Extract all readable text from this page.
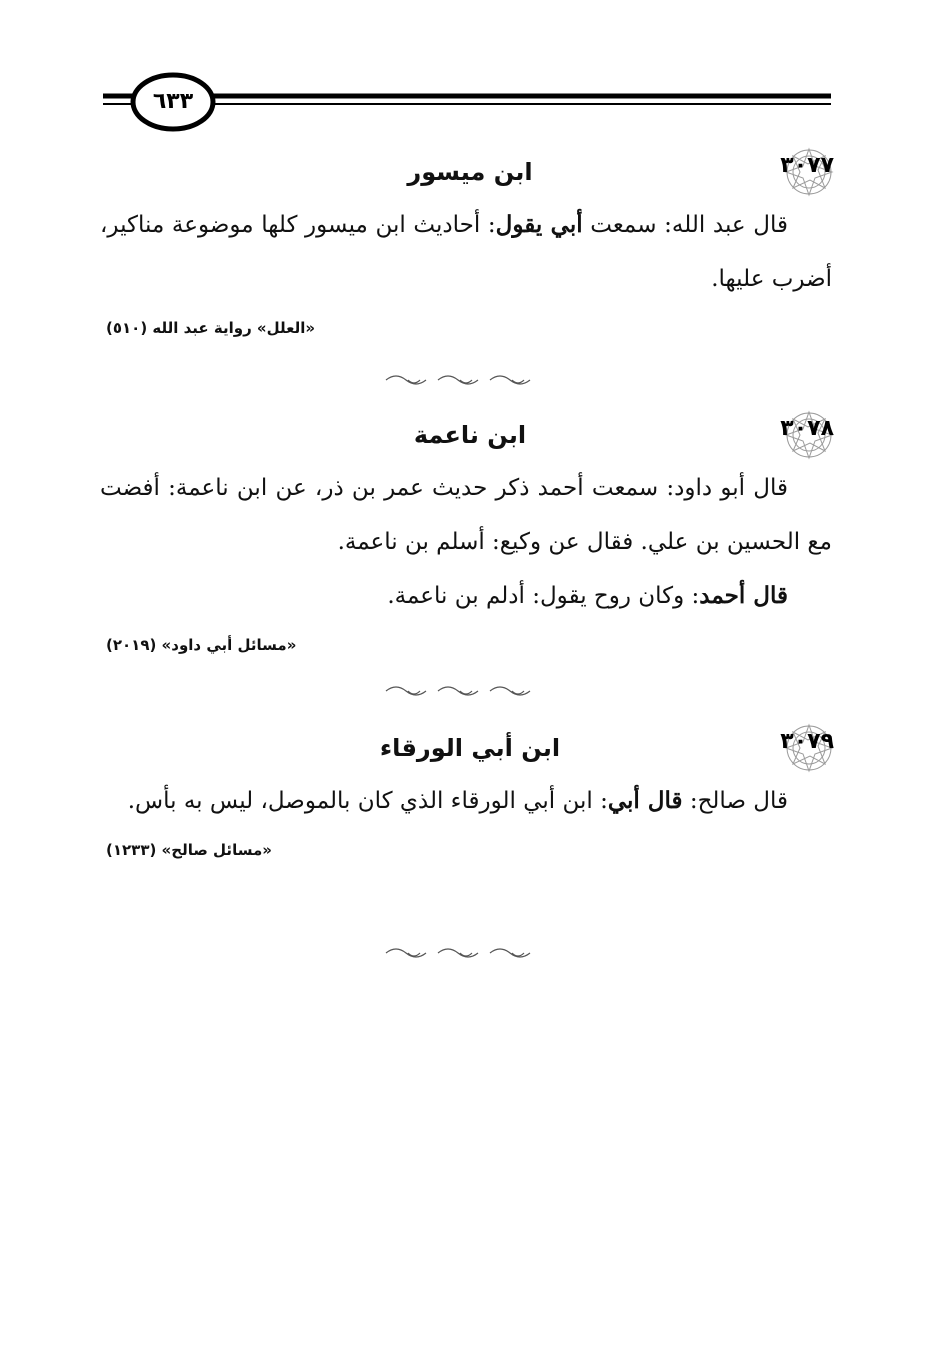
٦٣٣
٣٠٧٧
ابن ميسور

قال عبد الله: سمعت أبي يقول: أحاديث ابن ميسور كلها موضوعة مناكير، أضرب عليها.

«العلل» رواية عبد الله (٥١٠)
٣٠٧٨
ابن ناعمة

قال أبو داود: سمعت أحمد ذكر حديث عمر بن ذر، عن ابن ناعمة: أفضت مع الحسين بن علي. فقال عن وكيع: أسلم بن ناعمة.

قال أحمد: وكان روح يقول: أدلم بن ناعمة.

«مسائل أبي داود» (٢٠١٩)
٣٠٧٩
ابن أبي الورقاء

قال صالح: قال أبي: ابن أبي الورقاء الذي كان بالموصل، ليس به بأس.

«مسائل صالح» (١٢٣٣)
